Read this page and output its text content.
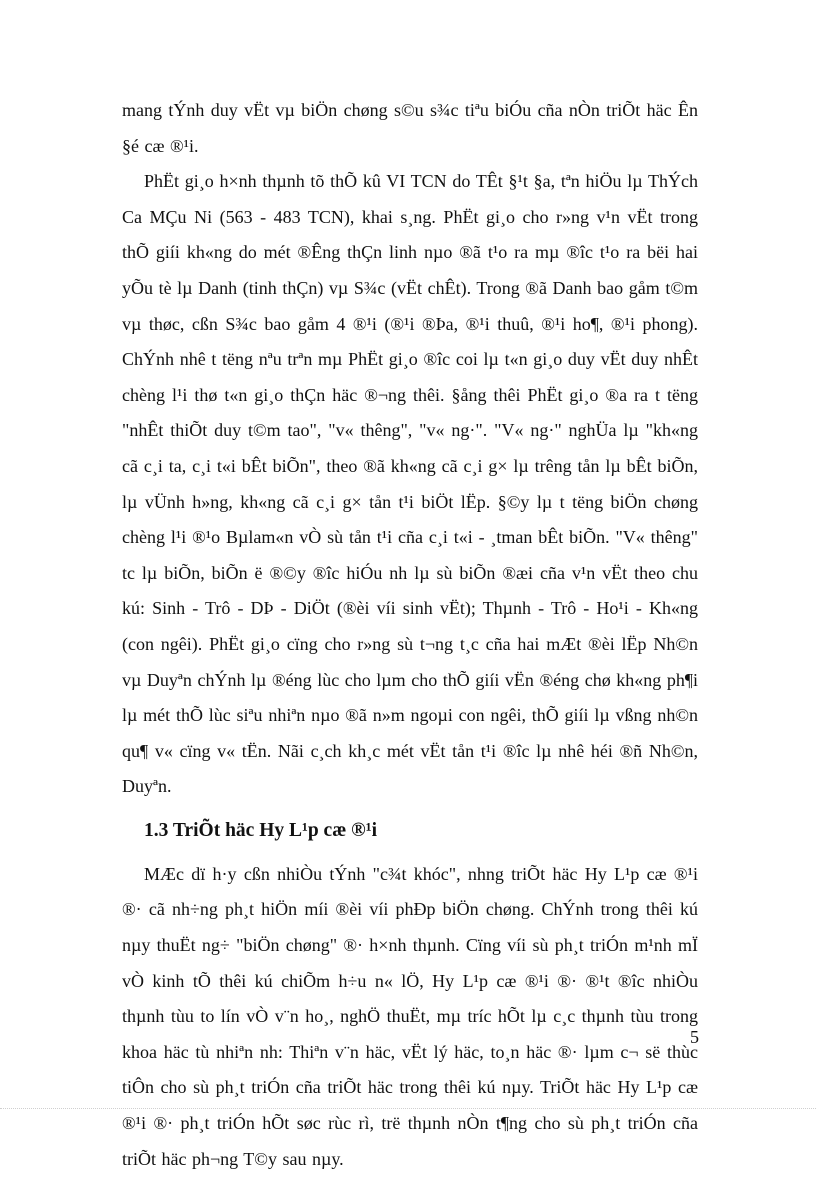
mang tÝnh duy vËt vµ biÖn chøng s©u s¾c tiªu biÓu cña nÒn triÕt häc Ên §é cæ ®¹i.

PhËt gi¸o h×nh thµnh tõ thÕ kû VI TCN do TÊt §¹t §a, tªn hiÖu lµ ThÝch Ca MÇu Ni (563 - 483 TCN), khai s¸ng. PhËt gi¸o cho r»ng v¹n vËt trong thÕ giíi kh«ng do mét ®Êng thÇn linh nµo ®ã t¹o ra mµ ®îc t¹o ra bëi hai yÕu tè lµ Danh (tinh thÇn) vµ S¾c (vËt chÊt). Trong ®ã Danh bao gåm t©m vµ thøc, cßn S¾c bao gåm 4 ®¹i (®¹i ®Þa, ®¹i thuû, ®¹i ho¶, ®¹i phong). ChÝnh nhê t tëng nªu trªn mµ PhËt gi¸o ®îc coi lµ t«n gi¸o duy vËt duy nhÊt chèng l¹i thø t«n gi¸o thÇn häc ®¬ng thêi. §ång thêi PhËt gi¸o ®a ra t tëng "nhÊt thiÕt duy t©m tao", "v« thêng", "v« ng·". "V« ng·" nghÜa lµ "kh«ng cã c¸i ta, c¸i t«i bÊt biÕn", theo ®ã kh«ng cã c¸i g× lµ trêng tån lµ bÊt biÕn, lµ vÜnh h»ng, kh«ng cã c¸i g× tån t¹i biÖt lËp. §©y lµ t tëng biÖn chøng chèng l¹i ®¹o Bµlam«n vÒ sù tån t¹i cña c¸i t«i - ¸tman bÊt biÕn. "V« thêng" tc lµ biÕn, biÕn ë ®©y ®îc hiÓu nh lµ sù biÕn ®æi cña v¹n vËt theo chu kú: Sinh - Trô - DÞ - DiÖt (®èi víi sinh vËt); Thµnh - Trô - Ho¹i - Kh«ng (con ngêi). PhËt gi¸o cïng cho r»ng sù t¬ng t¸c cña hai mÆt ®èi lËp Nh©n vµ Duyªn chÝnh lµ ®éng lùc cho lµm cho thÕ giíi vËn ®éng chø kh«ng ph¶i lµ mét thÕ lùc siªu nhiªn nµo ®ã n»m ngoµi con ngêi, thÕ giíi lµ vßng nh©n qu¶ v« cïng v« tËn. Nãi c¸ch kh¸c mét vËt tån t¹i ®îc lµ nhê héi ®ñ Nh©n, Duyªn.

1.3 TriÕt häc Hy L¹p cæ ®¹i

MÆc dï h·y cßn nhiÒu tÝnh "c¾t khóc", nhng triÕt häc Hy L¹p cæ ®¹i ®· cã nh÷ng ph¸t hiÖn míi ®èi víi phÐp biÖn chøng. ChÝnh trong thêi kú nµy thuËt ng÷ "biÖn chøng" ®· h×nh thµnh. Cïng víi sù ph¸t triÓn m¹nh mÏ vÒ kinh tÕ thêi kú chiÕm h÷u n« lÖ, Hy L¹p cæ ®¹i ®· ®¹t ®îc nhiÒu thµnh tùu to lín vÒ v¨n ho¸, nghÖ thuËt, mµ tríc hÕt lµ c¸c thµnh tùu trong khoa häc tù nhiªn nh: Thiªn v¨n häc, vËt lý häc, to¸n häc ®· lµm c¬ së thùc tiÔn cho sù ph¸t triÓn cña triÕt häc trong thêi kú nµy. TriÕt häc Hy L¹p cæ ®¹i ®· ph¸t triÓn hÕt søc rùc rì, trë thµnh nÒn t¶ng cho sù ph¸t triÓn cña triÕt häc ph¬ng T©y sau nµy.

5
